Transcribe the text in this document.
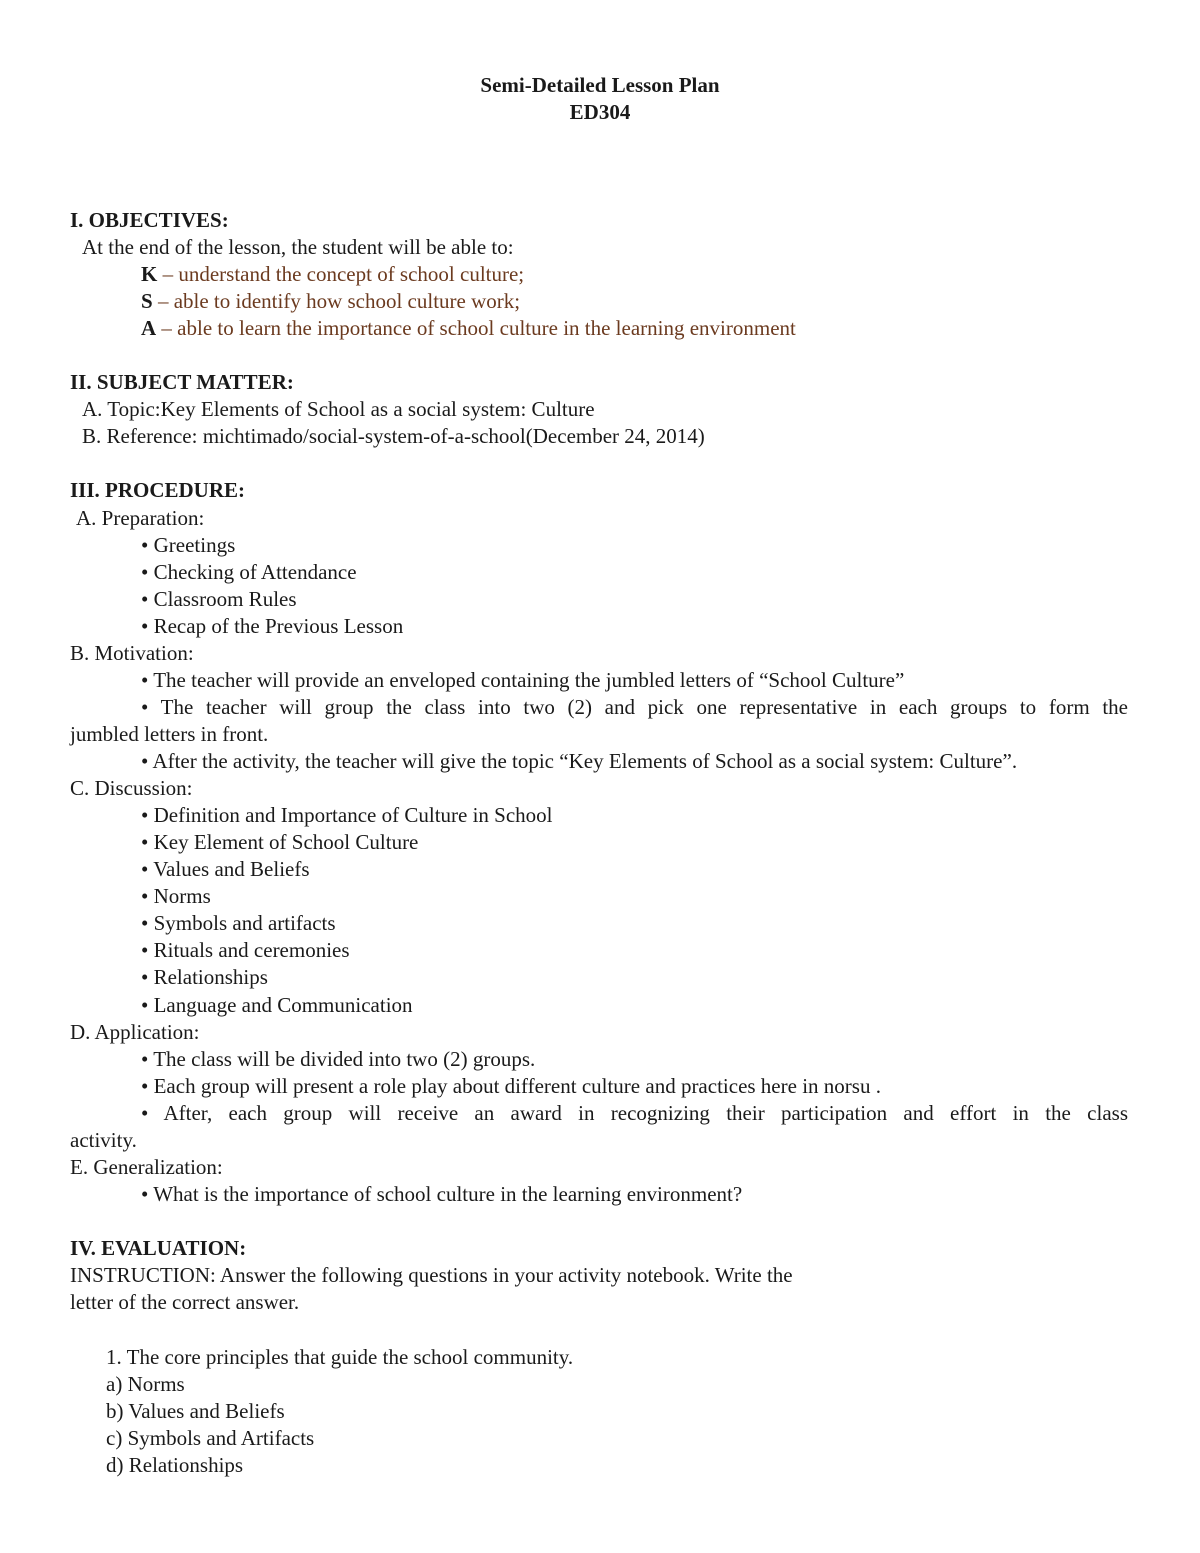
Semi-Detailed Lesson Plan
ED304
I. OBJECTIVES:
At the end of the lesson, the student will be able to:
K – understand the concept of school culture;
S – able to identify how school culture work;
A – able to learn the importance of school culture in the learning environment
II. SUBJECT MATTER:
A. Topic:Key Elements of School as a social system: Culture
B. Reference: michtimado/social-system-of-a-school(December 24, 2014)
III. PROCEDURE:
A. Preparation:
• Greetings
• Checking of Attendance
• Classroom Rules
• Recap of the Previous Lesson
B. Motivation:
• The teacher will provide an enveloped containing the jumbled letters of “School Culture”
• The teacher will group the class into two (2) and pick one representative in each groups to form the
jumbled letters in front.
• After the activity, the teacher will give the topic “Key Elements of School as a social system: Culture”.
C. Discussion:
• Definition and Importance of Culture in School
• Key Element of School Culture
• Values and Beliefs
• Norms
• Symbols and artifacts
• Rituals and ceremonies
• Relationships
• Language and Communication
D. Application:
• The class will be divided into two (2) groups.
• Each group will present a role play about different culture and practices here in norsu .
• After, each group will receive an award in recognizing their participation and effort in the class
activity.
E. Generalization:
• What is the importance of school culture in the learning environment?
IV. EVALUATION:
INSTRUCTION: Answer the following questions in your activity notebook. Write the
letter of the correct answer.
1. The core principles that guide the school community.
a) Norms
b) Values and Beliefs
c) Symbols and Artifacts
d) Relationships
